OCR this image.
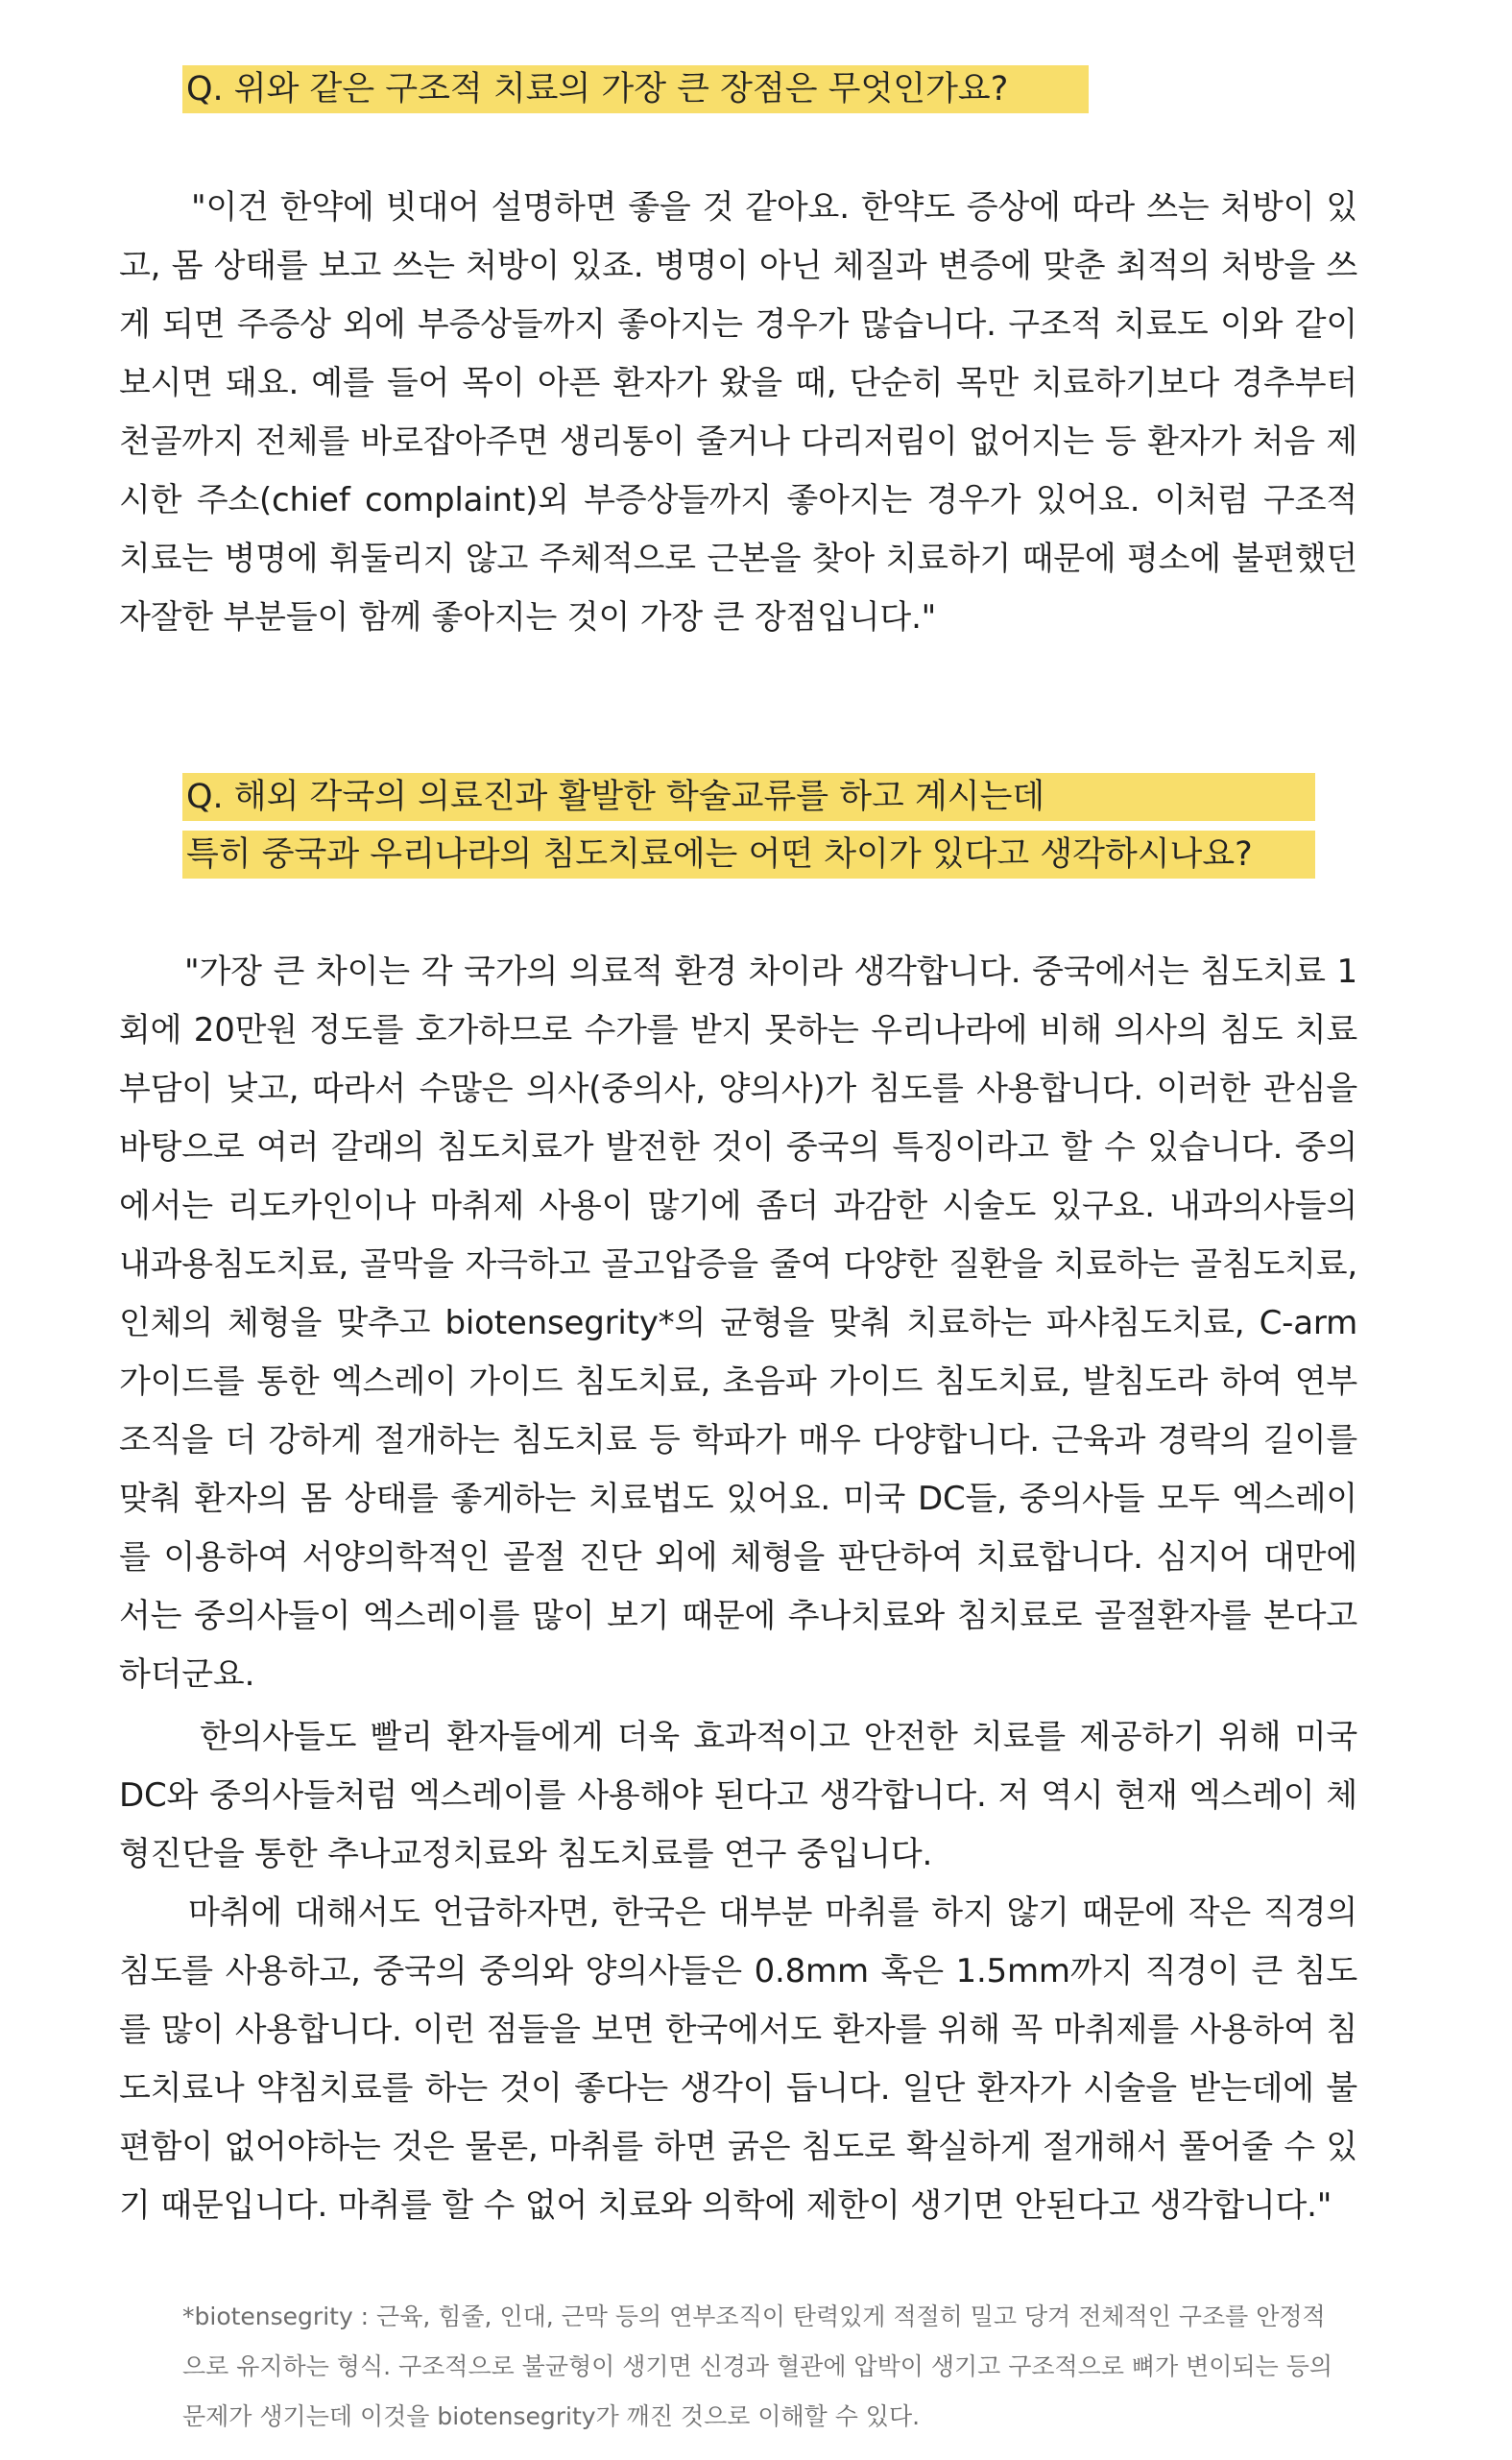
Q. 위와 같은 구조적 치료의 가장 큰 장점은 무엇인가요?
"이건 한약에 빗대어 설명하면 좋을 것 같아요. 한약도 증상에 따라 쓰는 처방이 있고, 몸 상태를 보고 쓰는 처방이 있죠. 병명이 아닌 체질과 변증에 맞춘 최적의 처방을 쓰게 되면 주증상 외에 부증상들까지 좋아지는 경우가 많습니다. 구조적 치료도 이와 같이 보시면 돼요. 예를 들어 목이 아픈 환자가 왔을 때, 단순히 목만 치료하기보다 경추부터 천골까지 전체를 바로잡아주면 생리통이 줄거나 다리저림이 없어지는 등 환자가 처음 제시한 주소(chief complaint)외 부증상들까지 좋아지는 경우가 있어요. 이처럼 구조적 치료는 병명에 휘둘리지 않고 주체적으로 근본을 찾아 치료하기 때문에 평소에 불편했던 자잘한 부분들이 함께 좋아지는 것이 가장 큰 장점입니다."
Q. 해외 각국의 의료진과 활발한 학술교류를 하고 계시는데
특히 중국과 우리나라의 침도치료에는 어떤 차이가 있다고 생각하시나요?
"가장 큰 차이는 각 국가의 의료적 환경 차이라 생각합니다. 중국에서는 침도치료 1회에 20만원 정도를 호가하므로 수가를 받지 못하는 우리나라에 비해 의사의 침도 치료 부담이 낮고, 따라서 수많은 의사(중의사, 양의사)가 침도를 사용합니다. 이러한 관심을 바탕으로 여러 갈래의 침도치료가 발전한 것이 중국의 특징이라고 할 수 있습니다. 중의에서는 리도카인이나 마취제 사용이 많기에 좀더 과감한 시술도 있구요. 내과의사들의 내과용침도치료, 골막을 자극하고 골고압증을 줄여 다양한 질환을 치료하는 골침도치료, 인체의 체형을 맞추고 biotensegrity*의 균형을 맞춰 치료하는 파샤침도치료, C-arm 가이드를 통한 엑스레이 가이드 침도치료, 초음파 가이드 침도치료, 발침도라 하여 연부조직을 더 강하게 절개하는 침도치료 등 학파가 매우 다양합니다. 근육과 경락의 길이를 맞춰 환자의 몸 상태를 좋게하는 치료법도 있어요. 미국 DC들, 중의사들 모두 엑스레이를 이용하여 서양의학적인 골절 진단 외에 체형을 판단하여 치료합니다. 심지어 대만에서는 중의사들이 엑스레이를 많이 보기 때문에 추나치료와 침치료로 골절환자를 본다고 하더군요.
한의사들도 빨리 환자들에게 더욱 효과적이고 안전한 치료를 제공하기 위해 미국 DC와 중의사들처럼 엑스레이를 사용해야 된다고 생각합니다. 저 역시 현재 엑스레이 체형진단을 통한 추나교정치료와 침도치료를 연구 중입니다.
마취에 대해서도 언급하자면, 한국은 대부분 마취를 하지 않기 때문에 작은 직경의 침도를 사용하고, 중국의 중의와 양의사들은 0.8mm 혹은 1.5mm까지 직경이 큰 침도를 많이 사용합니다. 이런 점들을 보면 한국에서도 환자를 위해 꼭 마취제를 사용하여 침도치료나 약침치료를 하는 것이 좋다는 생각이 듭니다. 일단 환자가 시술을 받는데에 불편함이 없어야하는 것은 물론, 마취를 하면 굵은 침도로 확실하게 절개해서 풀어줄 수 있기 때문입니다. 마취를 할 수 없어 치료와 의학에 제한이 생기면 안된다고 생각합니다."
*biotensegrity : 근육, 힘줄, 인대, 근막 등의 연부조직이 탄력있게 적절히 밀고 당겨 전체적인 구조를 안정적으로 유지하는 형식. 구조적으로 불균형이 생기면 신경과 혈관에 압박이 생기고 구조적으로 뼈가 변이되는 등의 문제가 생기는데 이것을 biotensegrity가 깨진 것으로 이해할 수 있다.
